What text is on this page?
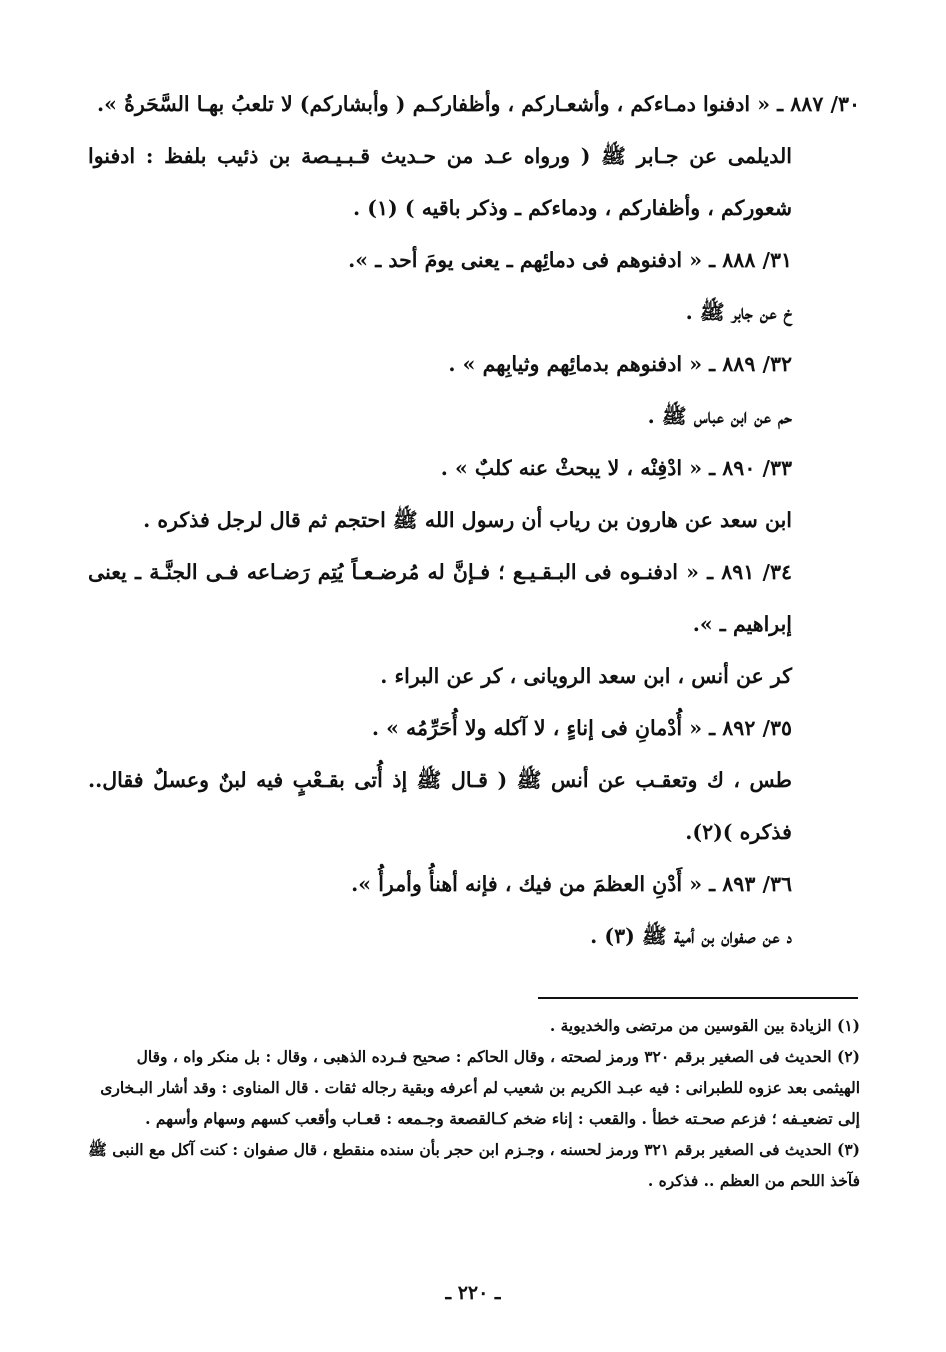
٣٠/ ٨٨٧ ـ « ادفنوا دمـاءكم ، وأشعـاركم ، وأظفاركـم ( وأبشاركم) لا تلعبُ بهـا السَّحَرةُ ».

الديلمى عن جـابر ﷺ ( ورواه عـد من حـديث قـبـيـصة بن ذئيب بلفظ : ادفنوا شعوركم ، وأظفاركم ، ودماءكم ـ وذكر باقيه ) (١) .

٣١/ ٨٨٨ ـ « ادفنوهم فى دمائِهم ـ يعنى يومَ أحد ـ ».

خ عن جابر ﷺ .

٣٢/ ٨٨٩ ـ « ادفنوهم بدمائِهم وثيابِهم » .

حم عن ابن عباس ﷺ .

٣٣/ ٨٩٠ ـ « ادْفِنْه ، لا يبحثْ عنه كلبٌ » .

ابن سعد عن هارون بن رياب أن رسول الله ﷺ احتجم ثم قال لرجل فذكره .

٣٤/ ٨٩١ ـ « ادفنـوه فى البـقـيـع ؛ فـإنَّ له مُرضـعـاً يُتِم رَضـاعه فـى الجنَّـة ـ يعنى إبراهيم ـ ».

كر عن أنس ، ابن سعد الرويانى ، كر عن البراء .

٣٥/ ٨٩٢ ـ « أُدْمانِ فى إناءٍ ، لا آكله ولا أُحَرِّمُه » .

طس ، ك وتعقـب عن أنس ﷺ ( قـال ﷺ إذ أُتى بقـعْبٍ فيه لبنٌ وعسلٌ فقال.. فذكره )(٢).

٣٦/ ٨٩٣ ـ « أَدْنِ العظمَ من فيك ، فإنه أهنأُ وأمرأُ ».

د عن صفوان بن أمية ﷺ (٣) .

(١) الزيادة بين القوسين من مرتضى والخديوية .

(٢) الحديث فى الصغير برقم ٣٢٠ ورمز لصحته ، وقال الحاكم : صحيح فـرده الذهبى ، وقال : بل منكر واه ، وقال الهيثمى بعد عزوه للطبرانى : فيه عبـد الكريم بن شعيب لم أعرفه وبقية رجاله ثقات . قال المناوى : وقد أشار البـخارى إلى تضعيـفه ؛ فزعم صحـته خطأ . والقعب : إناء ضخم كـالقصعة وجـمعه : قعـاب وأقعب كسهم وسهام وأسهم .

(٣) الحديث فى الصغير برقم ٣٢١ ورمز لحسنه ، وجـزم ابن حجر بأن سنده منقطع ، قال صفوان : كنت آكل مع النبى ﷺ فآخذ اللحم من العظم .. فذكره .

ـ ٢٢٠ ـ
